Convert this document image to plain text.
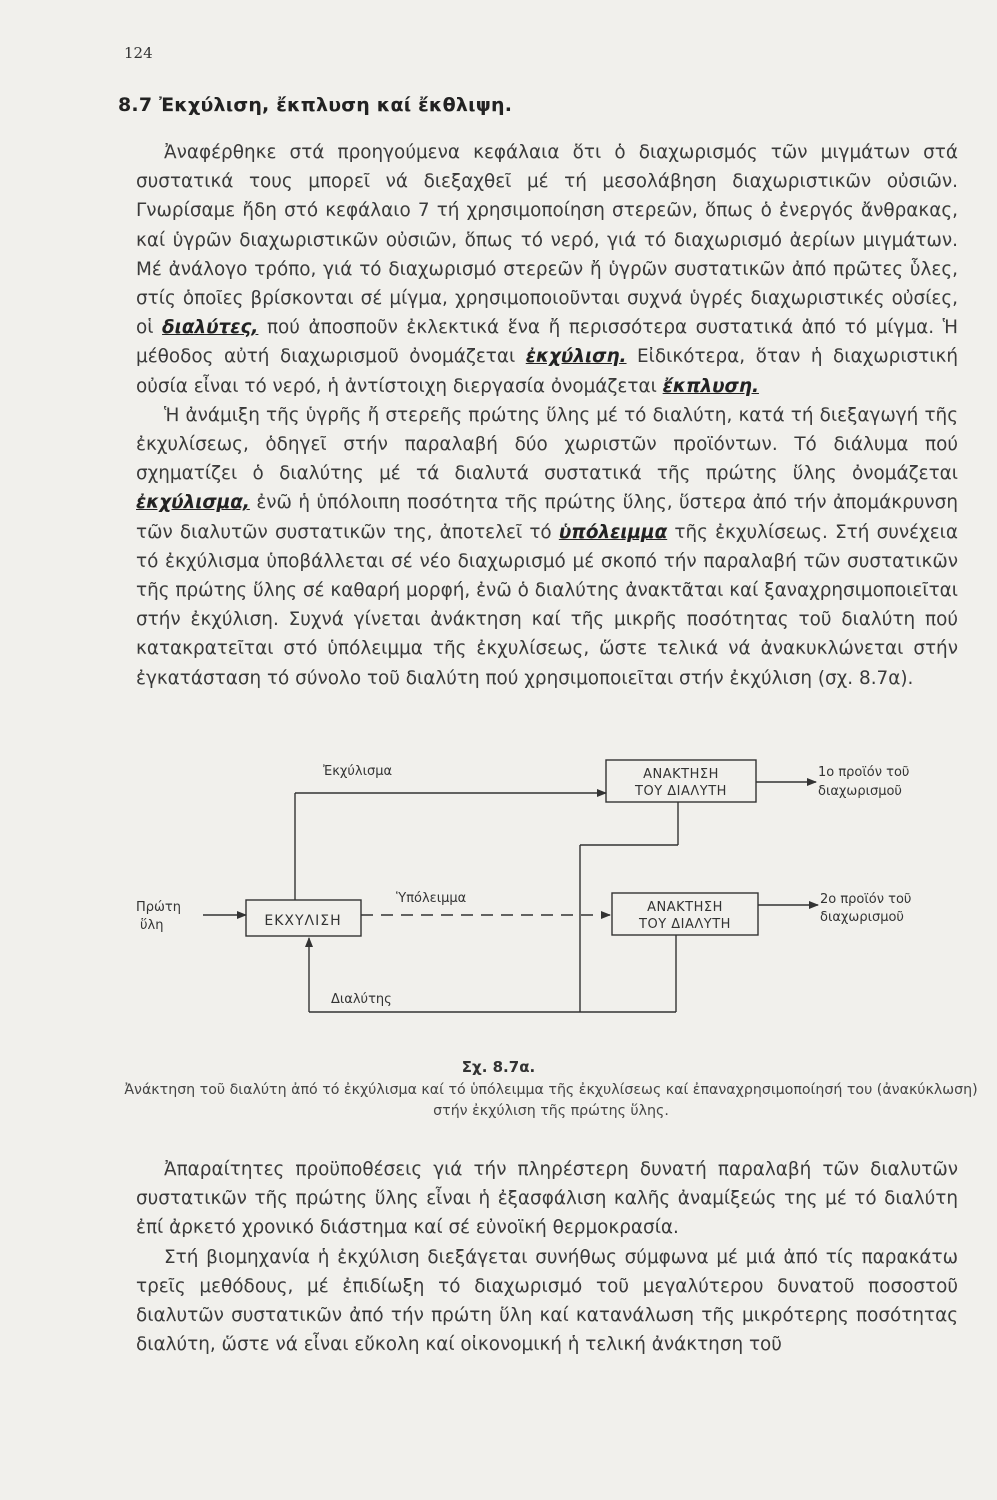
124
8.7 Ἐκχύλιση, ἔκπλυση καί ἔκθλιψη.

Ἀναφέρθηκε στά προηγούμενα κεφάλαια ὅτι ὁ διαχωρισμός τῶν μιγμάτων στά συστατικά τους μπορεῖ νά διεξαχθεῖ μέ τή μεσολάβηση διαχωριστικῶν οὐσιῶν. Γνωρίσαμε ἤδη στό κεφάλαιο 7 τή χρησιμοποίηση στερεῶν, ὅπως ὁ ἐνεργός ἄνθρακας, καί ὑγρῶν διαχωριστικῶν οὐσιῶν, ὅπως τό νερό, γιά τό διαχωρισμό ἀερίων μιγμάτων. Μέ ἀνάλογο τρόπο, γιά τό διαχωρισμό στερεῶν ἤ ὑγρῶν συστατικῶν ἀπό πρῶτες ὗλες, στίς ὁποῖες βρίσκονται σέ μίγμα, χρησιμοποιοῦνται συχνά ὑγρές διαχωριστικές οὐσίες, οἱ διαλύτες, πού ἀποσποῦν ἐκλεκτικά ἕνα ἤ περισσότερα συστατικά ἀπό τό μίγμα. Ἡ μέθοδος αὐτή διαχωρισμοῦ ὀνομάζεται ἐκχύλιση. Εἰδικότερα, ὅταν ἡ διαχωριστική οὐσία εἶναι τό νερό, ἡ ἀντίστοιχη διεργασία ὀνομάζεται ἔκπλυση.

Ἡ ἀνάμιξη τῆς ὑγρῆς ἤ στερεῆς πρώτης ὕλης μέ τό διαλύτη, κατά τή διεξαγωγή τῆς ἐκχυλίσεως, ὁδηγεῖ στήν παραλαβή δύο χωριστῶν προϊόντων. Τό διάλυμα πού σχηματίζει ὁ διαλύτης μέ τά διαλυτά συστατικά τῆς πρώτης ὕλης ὀνομάζεται ἐκχύλισμα, ἐνῶ ἡ ὑπόλοιπη ποσότητα τῆς πρώτης ὕλης, ὕστερα ἀπό τήν ἀπομάκρυνση τῶν διαλυτῶν συστατικῶν της, ἀποτελεῖ τό ὑπόλειμμα τῆς ἐκχυλίσεως. Στή συνέχεια τό ἐκχύλισμα ὑποβάλλεται σέ νέο διαχωρισμό μέ σκοπό τήν παραλαβή τῶν συστατικῶν τῆς πρώτης ὕλης σέ καθαρή μορφή, ἐνῶ ὁ διαλύτης ἀνακτᾶται καί ξαναχρησιμοποιεῖται στήν ἐκχύλιση. Συχνά γίνεται ἀνάκτηση καί τῆς μικρῆς ποσότητας τοῦ διαλύτη πού κατακρατεῖται στό ὑπόλειμμα τῆς ἐκχυλίσεως, ὥστε τελικά νά ἀνακυκλώνεται στήν ἐγκατάσταση τό σύνολο τοῦ διαλύτη πού χρησιμοποιεῖται στήν ἐκχύλιση (σχ. 8.7α).

Πρώτη
ὕλη	ΕΚΧΥΛΙΣΗ
Ἐκχύλισμα
Ὑπόλειμμα
Διαλύτης
ΑΝΑΚΤΗΣΗ
ΤΟΥ ΔΙΑΛΥΤΗ
ΑΝΑΚΤΗΣΗ
ΤΟΥ ΔΙΑΛΥΤΗ
1ο προϊόν τοῦ
διαχωρισμοῦ
2ο προϊόν τοῦ
διαχωρισμοῦ
Σχ. 8.7α.
Ἀνάκτηση τοῦ διαλύτη ἀπό τό ἐκχύλισμα καί τό ὑπόλειμμα τῆς ἐκχυλίσεως καί ἐπαναχρησιμοποίησή του (ἀνακύκλωση) στήν ἐκχύλιση τῆς πρώτης ὕλης.

Ἀπαραίτητες προϋποθέσεις γιά τήν πληρέστερη δυνατή παραλαβή τῶν διαλυτῶν συστατικῶν τῆς πρώτης ὕλης εἶναι ἡ ἐξασφάλιση καλῆς ἀναμίξεώς της μέ τό διαλύτη ἐπί ἀρκετό χρονικό διάστημα καί σέ εὐνοϊκή θερμοκρασία.

Στή βιομηχανία ἡ ἐκχύλιση διεξάγεται συνήθως σύμφωνα μέ μιά ἀπό τίς παρακάτω τρεῖς μεθόδους, μέ ἐπιδίωξη τό διαχωρισμό τοῦ μεγαλύτερου δυνατοῦ ποσοστοῦ διαλυτῶν συστατικῶν ἀπό τήν πρώτη ὕλη καί κατανάλωση τῆς μικρότερης ποσότητας διαλύτη, ὥστε νά εἶναι εὔκολη καί οἰκονομική ἡ τελική ἀνάκτηση τοῦ
